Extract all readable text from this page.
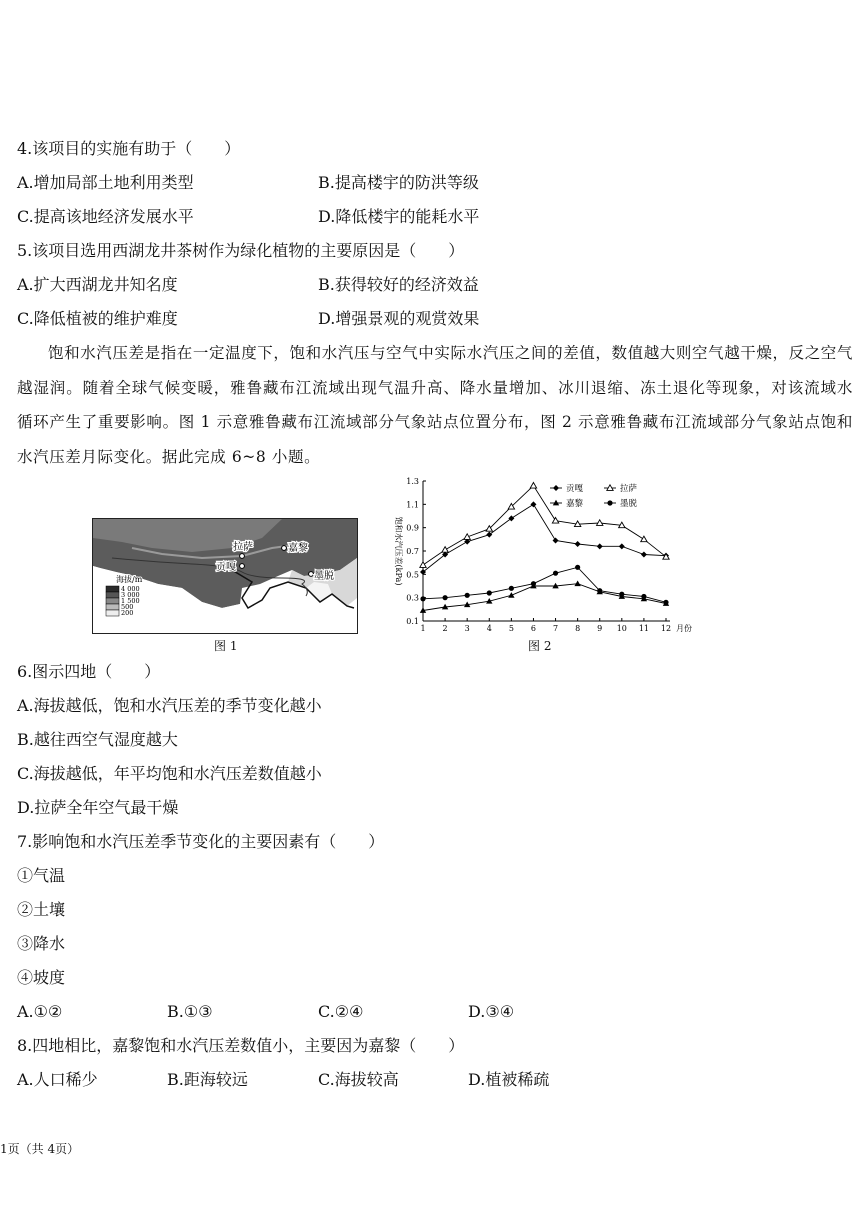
4.该项目的实施有助于（　　）
A.增加局部土地利用类型	B.提高楼宇的防洪等级
C.提高该地经济发展水平	D.降低楼宇的能耗水平
5.该项目选用西湖龙井茶树作为绿化植物的主要原因是（　　）
A.扩大西湖龙井知名度	B.获得较好的经济效益
C.降低植被的维护难度	D.增强景观的观赏效果
饱和水汽压差是指在一定温度下，饱和水汽压与空气中实际水汽压之间的差值，数值越大则空气越干燥，反之空气越湿润。随着全球气候变暖，雅鲁藏布江流域出现气温升高、降水量增加、冰川退缩、冻土退化等现象，对该流域水循环产生了重要影响。图 1 示意雅鲁藏布江流域部分气象站点位置分布，图 2 示意雅鲁藏布江流域部分气象站点饱和水汽压差月际变化。据此完成 6~8 小题。
拉萨	嘉黎
贡嘎
墨脱
海拔/m
4 000
3 000
1 500
500
200
图 1
0.1
0.3
0.5
0.7
0.9
1.1
1.3
1 2 3 4 5 6 7 8 9 10 11 12 月份
饱和水汽压差(kPa)
贡嘎	拉萨
嘉黎	墨脱
图 2
6.图示四地（　　）
A.海拔越低，饱和水汽压差的季节变化越小
B.越往西空气湿度越大
C.海拔越低，年平均饱和水汽压差数值越小
D.拉萨全年空气最干燥
7.影响饱和水汽压差季节变化的主要因素有（　　）
①气温
②土壤
③降水
④坡度
A.①②	B.①③	C.②④	D.③④
8.四地相比，嘉黎饱和水汽压差数值小，主要因为嘉黎（　　）
A.人口稀少	B.距海较远	C.海拔较高	D.植被稀疏
1页（共 4页）
